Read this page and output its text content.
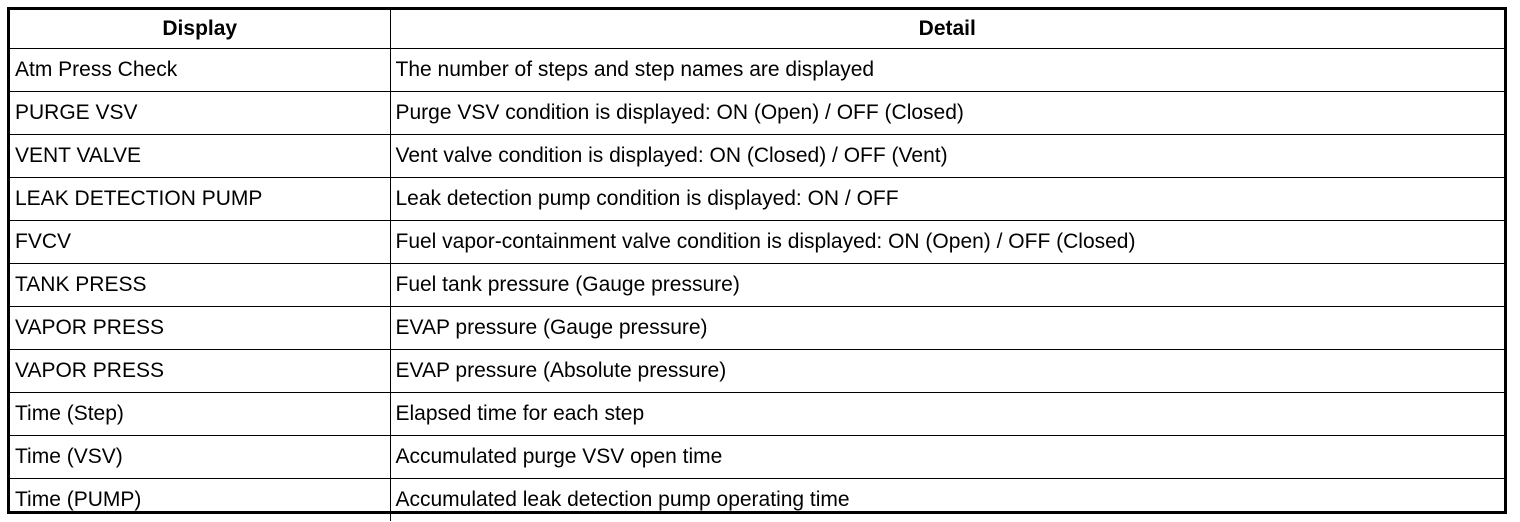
Display	Detail
Atm Press Check	The number of steps and step names are displayed
PURGE VSV	Purge VSV condition is displayed: ON (Open) / OFF (Closed)
VENT VALVE	Vent valve condition is displayed: ON (Closed) / OFF (Vent)
LEAK DETECTION PUMP	Leak detection pump condition is displayed: ON / OFF
FVCV	Fuel vapor-containment valve condition is displayed: ON (Open) / OFF (Closed)
TANK PRESS	Fuel tank pressure (Gauge pressure)
VAPOR PRESS	EVAP pressure (Gauge pressure)
VAPOR PRESS	EVAP pressure (Absolute pressure)
Time (Step)	Elapsed time for each step
Time (VSV)	Accumulated purge VSV open time
Time (PUMP)	Accumulated leak detection pump operating time
